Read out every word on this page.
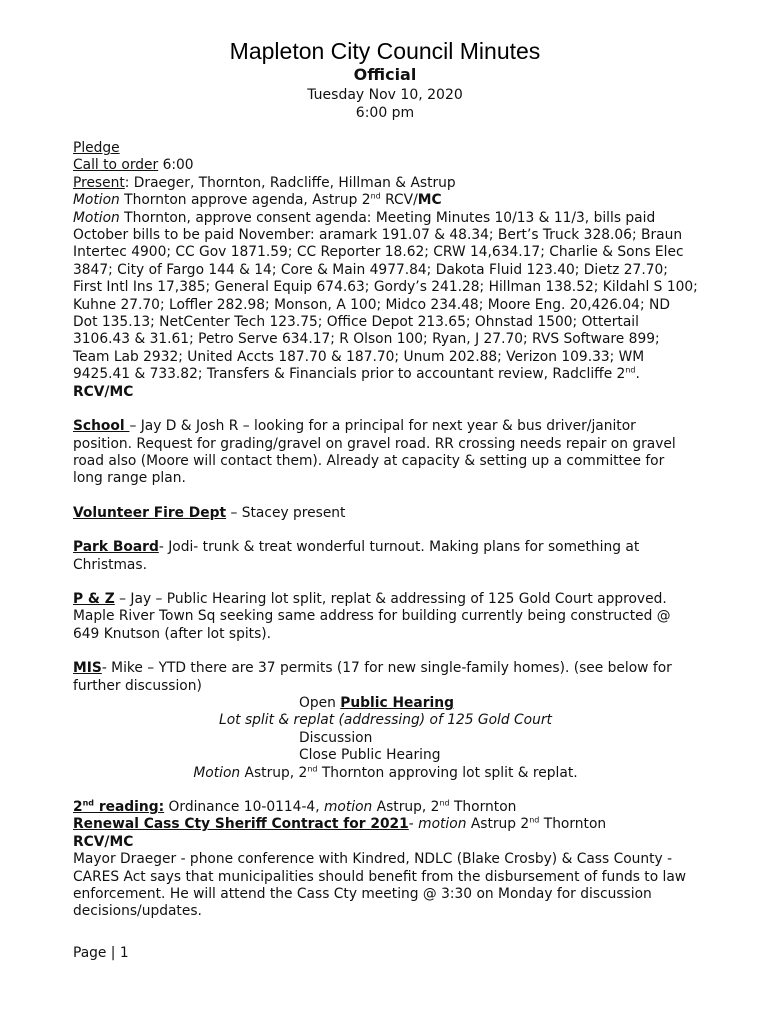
Mapleton City Council Minutes
Official
Tuesday Nov 10, 2020
6:00 pm

Pledge

Call to order 6:00

Present: Draeger, Thornton, Radcliffe, Hillman & Astrup

Motion Thornton approve agenda, Astrup 2nd RCV/MC

Motion Thornton, approve consent agenda: Meeting Minutes 10/13 & 11/3, bills paid October bills to be paid November: aramark 191.07 & 48.34; Bert’s Truck 328.06; Braun Intertec 4900; CC Gov 1871.59; CC Reporter 18.62; CRW 14,634.17; Charlie & Sons Elec 3847; City of Fargo 144 & 14; Core & Main 4977.84; Dakota Fluid 123.40; Dietz 27.70; First Intl Ins 17,385; General Equip 674.63; Gordy’s 241.28; Hillman 138.52; Kildahl S 100; Kuhne 27.70; Loffler 282.98; Monson, A 100; Midco 234.48; Moore Eng. 20,426.04; ND Dot 135.13; NetCenter Tech 123.75; Office Depot 213.65; Ohnstad 1500; Ottertail 3106.43 & 31.61; Petro Serve 634.17; R Olson 100; Ryan, J 27.70; RVS Software 899; Team Lab 2932; United Accts 187.70 & 187.70; Unum 202.88; Verizon 109.33; WM 9425.41 & 733.82; Transfers & Financials prior to accountant review, Radcliffe 2nd. RCV/MC

School – Jay D & Josh R – looking for a principal for next year & bus driver/janitor position. Request for grading/gravel on gravel road. RR crossing needs repair on gravel road also (Moore will contact them). Already at capacity & setting up a committee for long range plan.

Volunteer Fire Dept – Stacey present

Park Board- Jodi- trunk & treat wonderful turnout. Making plans for something at Christmas.

P & Z – Jay – Public Hearing lot split, replat & addressing of 125 Gold Court approved. Maple River Town Sq seeking same address for building currently being constructed @ 649 Knutson (after lot spits).

MIS- Mike – YTD there are 37 permits (17 for new single-family homes). (see below for further discussion)

Open Public Hearing

Lot split & replat (addressing) of 125 Gold Court

Discussion

Close Public Hearing

Motion Astrup, 2nd Thornton approving lot split & replat.

2nd reading: Ordinance 10-0114-4, motion Astrup, 2nd Thornton

Renewal Cass Cty Sheriff Contract for 2021- motion Astrup 2nd Thornton

RCV/MC

Mayor Draeger - phone conference with Kindred, NDLC (Blake Crosby) & Cass County - CARES Act says that municipalities should benefit from the disbursement of funds to law enforcement. He will attend the Cass Cty meeting @ 3:30 on Monday for discussion decisions/updates.

Page | 1
